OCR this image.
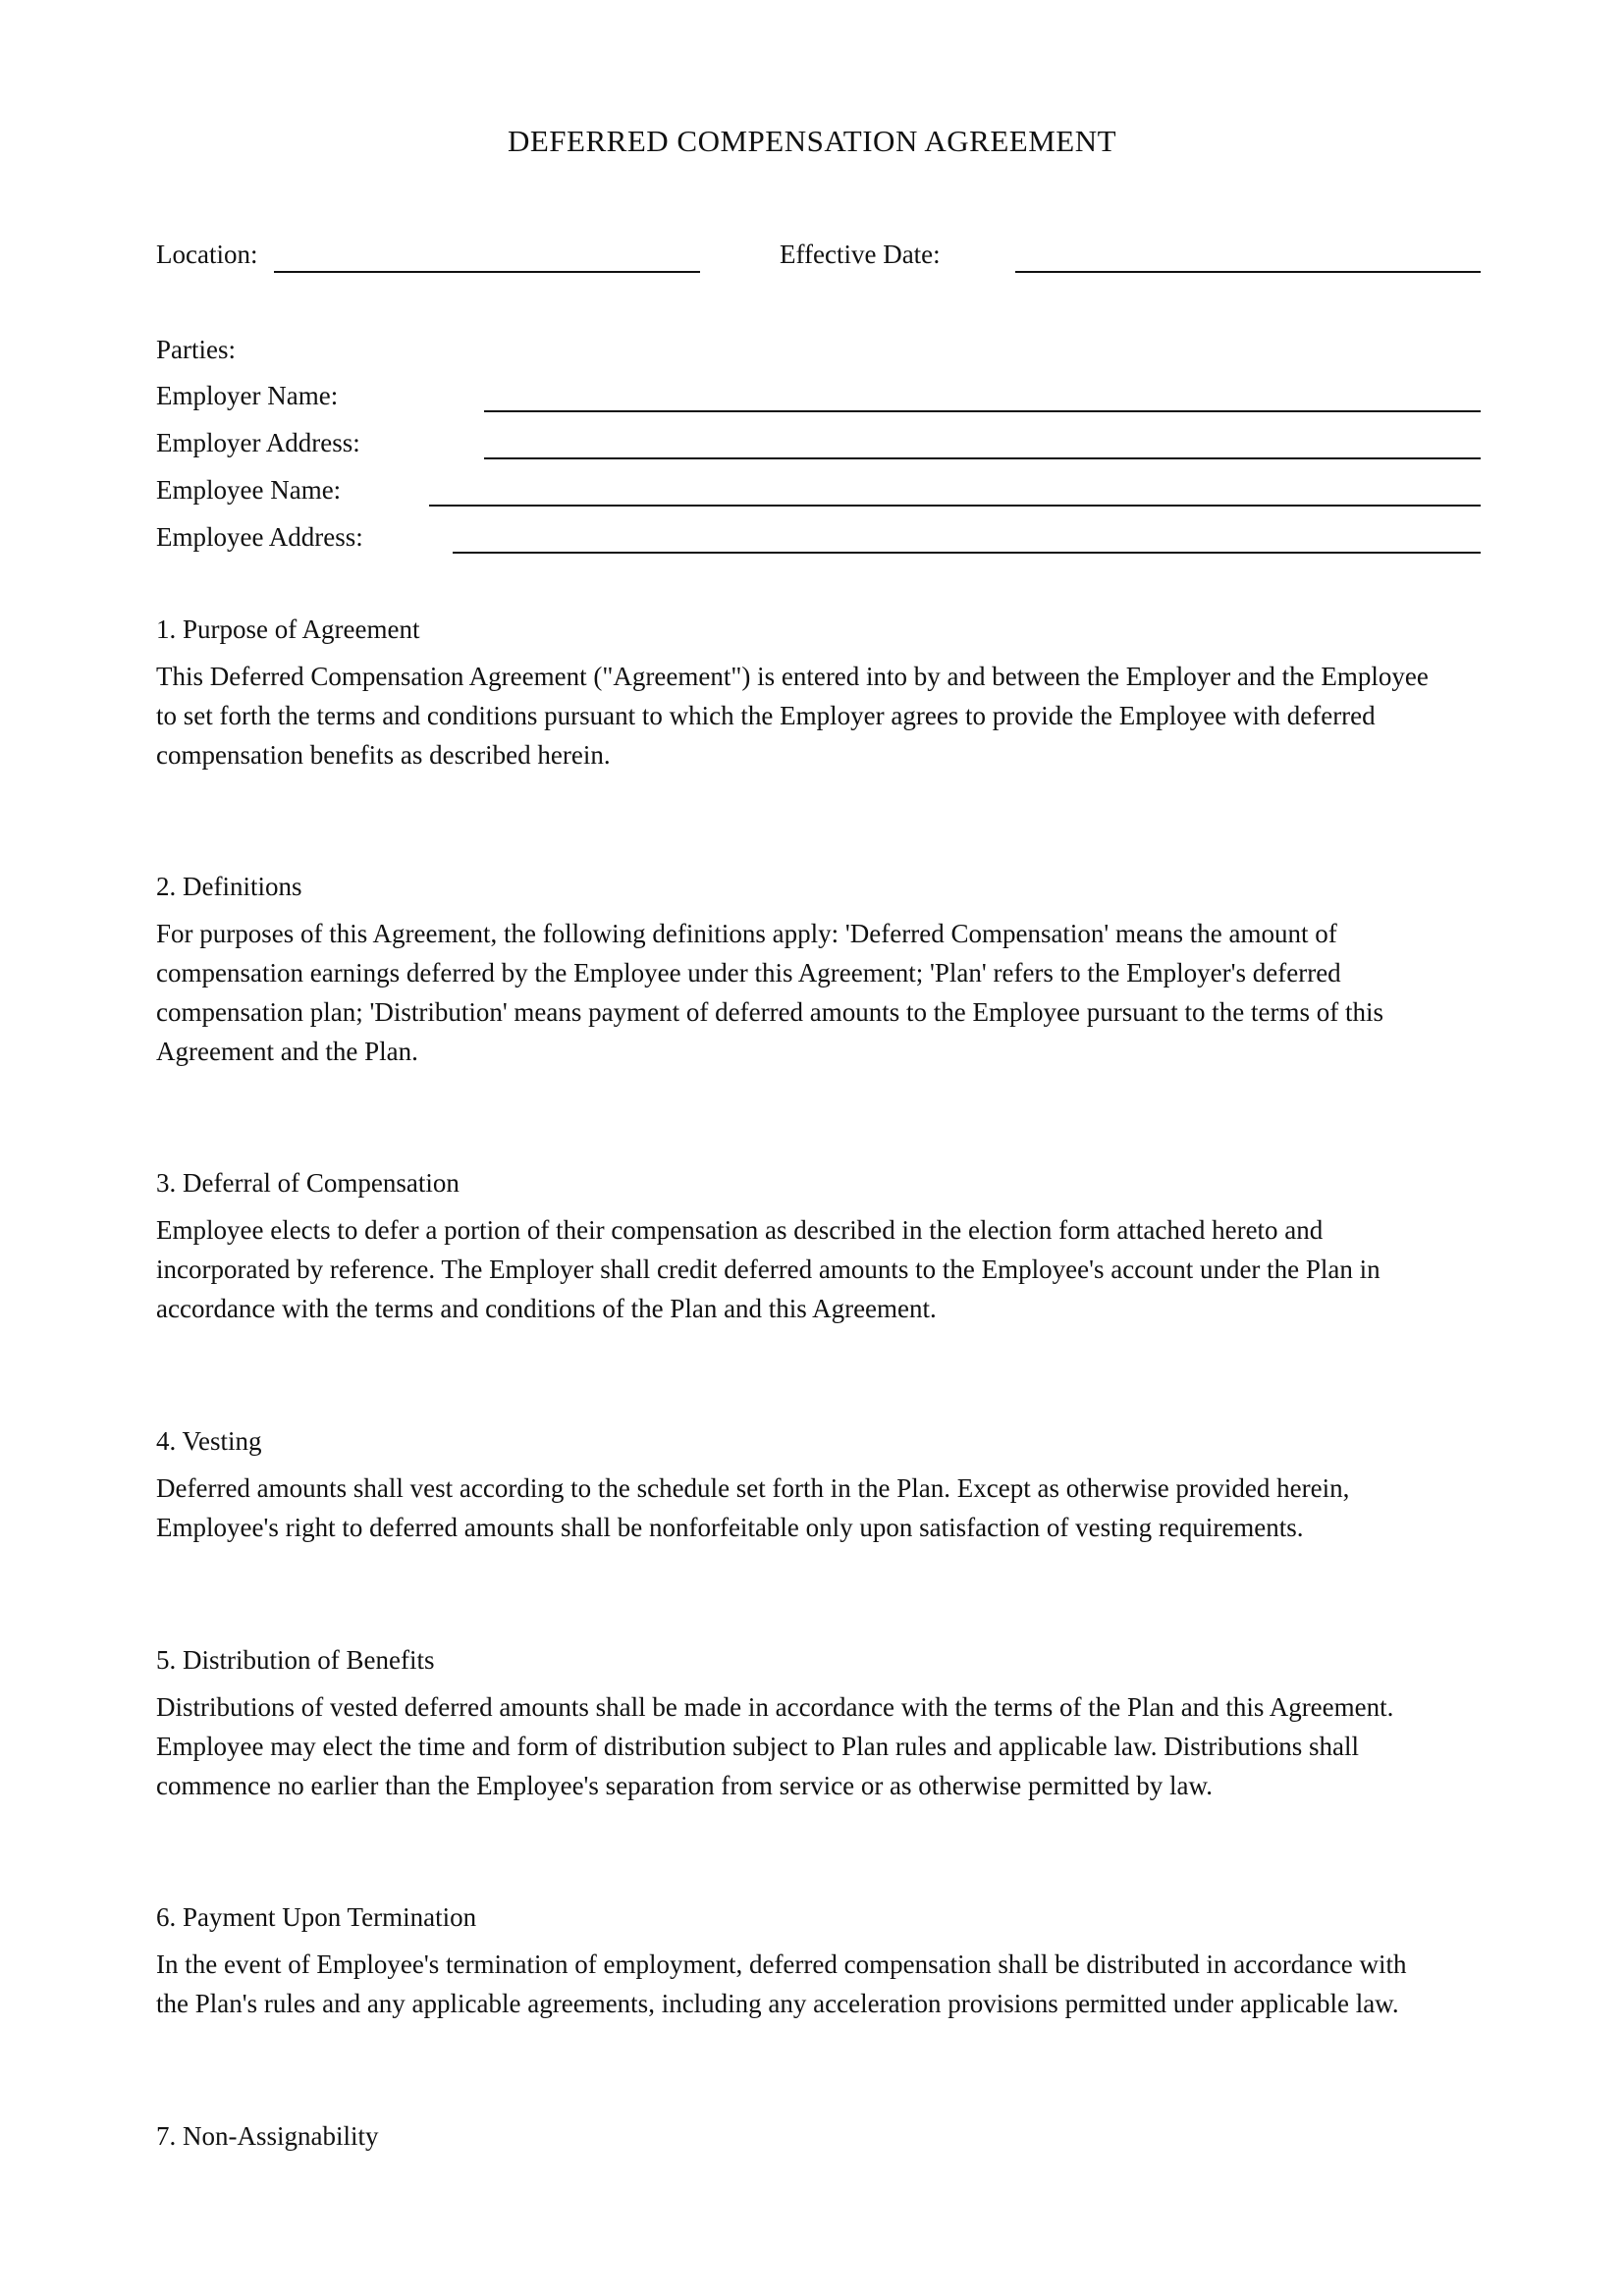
DEFERRED COMPENSATION AGREEMENT
Location:	Effective Date:
Parties:
Employer Name:
Employer Address:
Employee Name:
Employee Address:
1. Purpose of Agreement

This Deferred Compensation Agreement ("Agreement") is entered into by and between the Employer and the Employee

to set forth the terms and conditions pursuant to which the Employer agrees to provide the Employee with deferred

compensation benefits as described herein.

2. Definitions

For purposes of this Agreement, the following definitions apply: 'Deferred Compensation' means the amount of

compensation earnings deferred by the Employee under this Agreement; 'Plan' refers to the Employer's deferred

compensation plan; 'Distribution' means payment of deferred amounts to the Employee pursuant to the terms of this

Agreement and the Plan.

3. Deferral of Compensation

Employee elects to defer a portion of their compensation as described in the election form attached hereto and

incorporated by reference. The Employer shall credit deferred amounts to the Employee's account under the Plan in

accordance with the terms and conditions of the Plan and this Agreement.

4. Vesting

Deferred amounts shall vest according to the schedule set forth in the Plan. Except as otherwise provided herein,

Employee's right to deferred amounts shall be nonforfeitable only upon satisfaction of vesting requirements.

5. Distribution of Benefits

Distributions of vested deferred amounts shall be made in accordance with the terms of the Plan and this Agreement.

Employee may elect the time and form of distribution subject to Plan rules and applicable law. Distributions shall

commence no earlier than the Employee's separation from service or as otherwise permitted by law.

6. Payment Upon Termination

In the event of Employee's termination of employment, deferred compensation shall be distributed in accordance with

the Plan's rules and any applicable agreements, including any acceleration provisions permitted under applicable law.

7. Non-Assignability
